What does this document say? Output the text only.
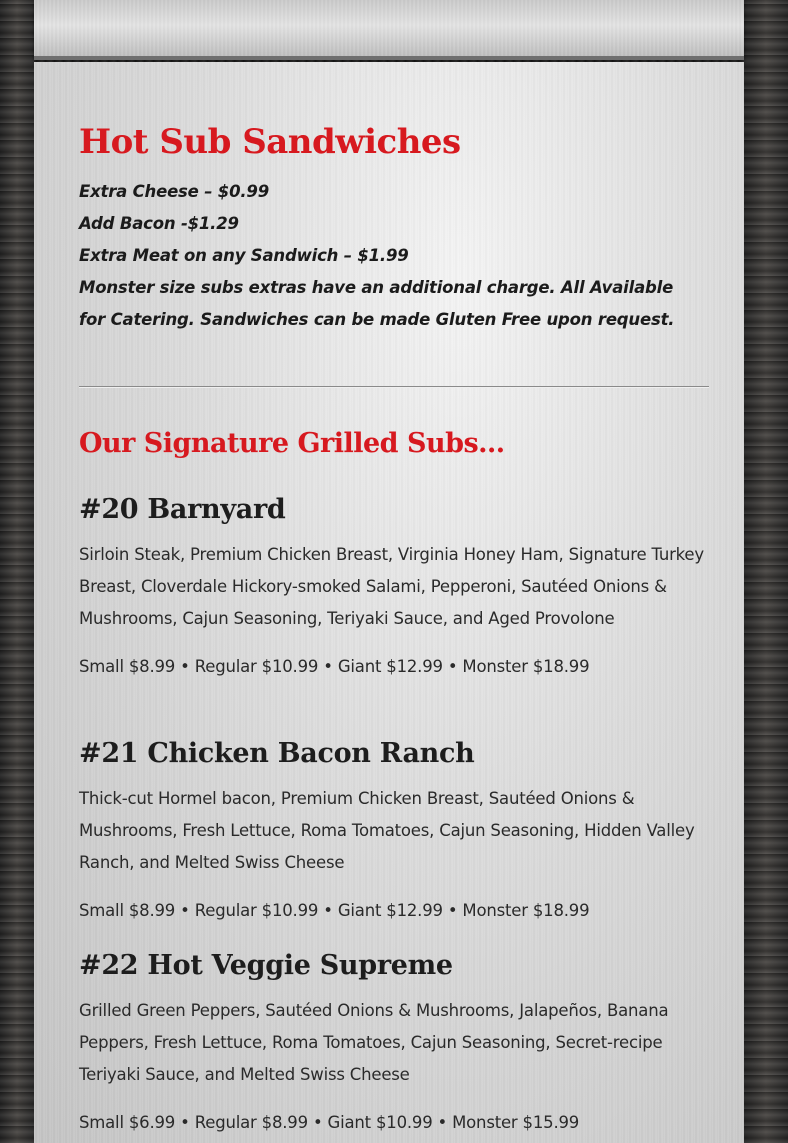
Hot Sub Sandwiches
Extra Cheese – $0.99
Add Bacon -$1.29
Extra Meat on any Sandwich – $1.99
Monster size subs extras have an additional charge. All Available for Catering. Sandwiches can be made Gluten Free upon request.
Our Signature Grilled Subs…
#20 Barnyard
Sirloin Steak, Premium Chicken Breast, Virginia Honey Ham, Signature Turkey Breast, Cloverdale Hickory-smoked Salami, Pepperoni, Sautéed Onions & Mushrooms, Cajun Seasoning, Teriyaki Sauce, and Aged Provolone
Small $8.99 • Regular $10.99 • Giant $12.99 • Monster $18.99
#21 Chicken Bacon Ranch
Thick-cut Hormel bacon, Premium Chicken Breast, Sautéed Onions & Mushrooms, Fresh Lettuce, Roma Tomatoes, Cajun Seasoning, Hidden Valley Ranch, and Melted Swiss Cheese
Small $8.99 • Regular $10.99 • Giant $12.99 • Monster $18.99
#22 Hot Veggie Supreme
Grilled Green Peppers, Sautéed Onions & Mushrooms, Jalapeños, Banana Peppers, Fresh Lettuce, Roma Tomatoes, Cajun Seasoning, Secret-recipe Teriyaki Sauce, and Melted Swiss Cheese
Small $6.99 • Regular $8.99 • Giant $10.99 • Monster $15.99
